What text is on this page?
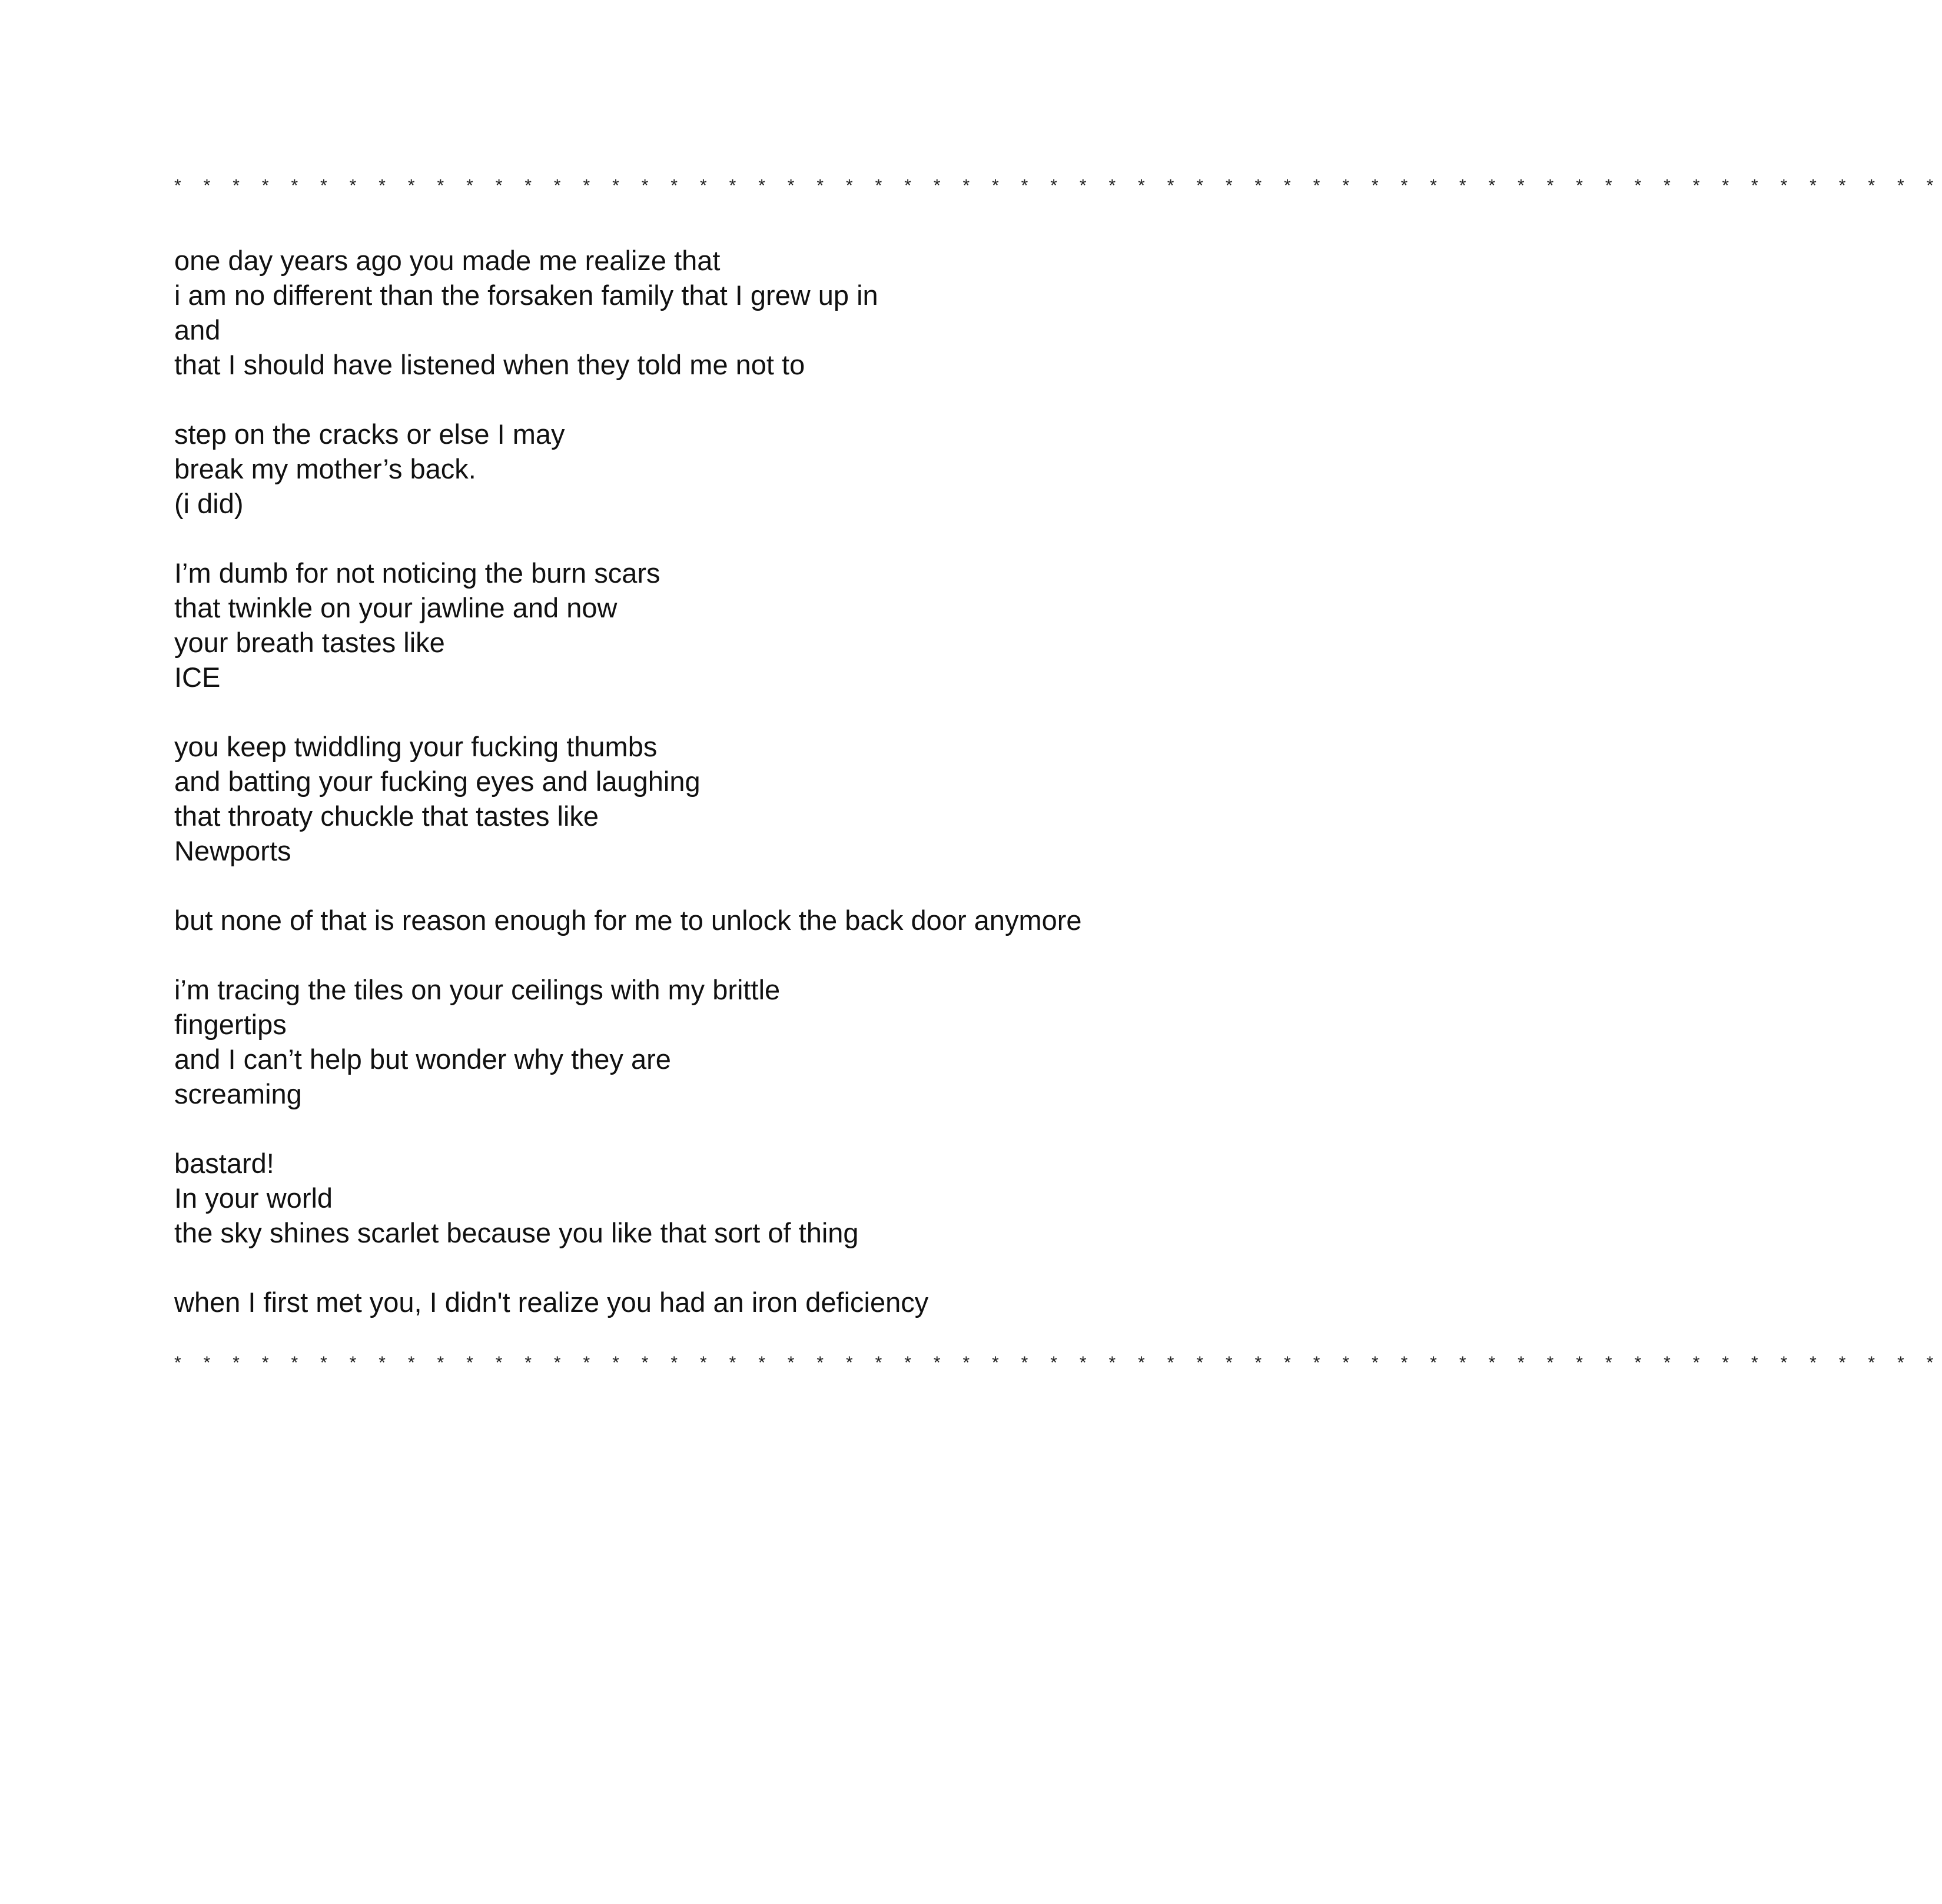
* * * * * * * * * * * * * * * * * * * * * * * * * * * * * * * * * * * * * * * * * * * * * * * * * * * * * * * * * * * * *
one day years ago you made me realize that
i am no different than the forsaken family that I grew up in
and
that I should have listened when they told me not to
step on the cracks or else I may
break my mother’s back.
(i did)
I’m dumb for not noticing the burn scars
that twinkle on your jawline and now
your breath tastes like
ICE
you keep twiddling your fucking thumbs
and batting your fucking eyes and laughing
that throaty chuckle that tastes like
Newports
but none of that is reason enough for me to unlock the back door anymore
i’m tracing the tiles on your ceilings with my brittle
fingertips
and I can’t help but wonder why they are
screaming
bastard!
In your world
the sky shines scarlet because you like that sort of thing
when I first met you, I didn't realize you had an iron deficiency
* * * * * * * * * * * * * * * * * * * * * * * * * * * * * * * * * * * * * * * * * * * * * * * * * * * * * * * * * * * * *
